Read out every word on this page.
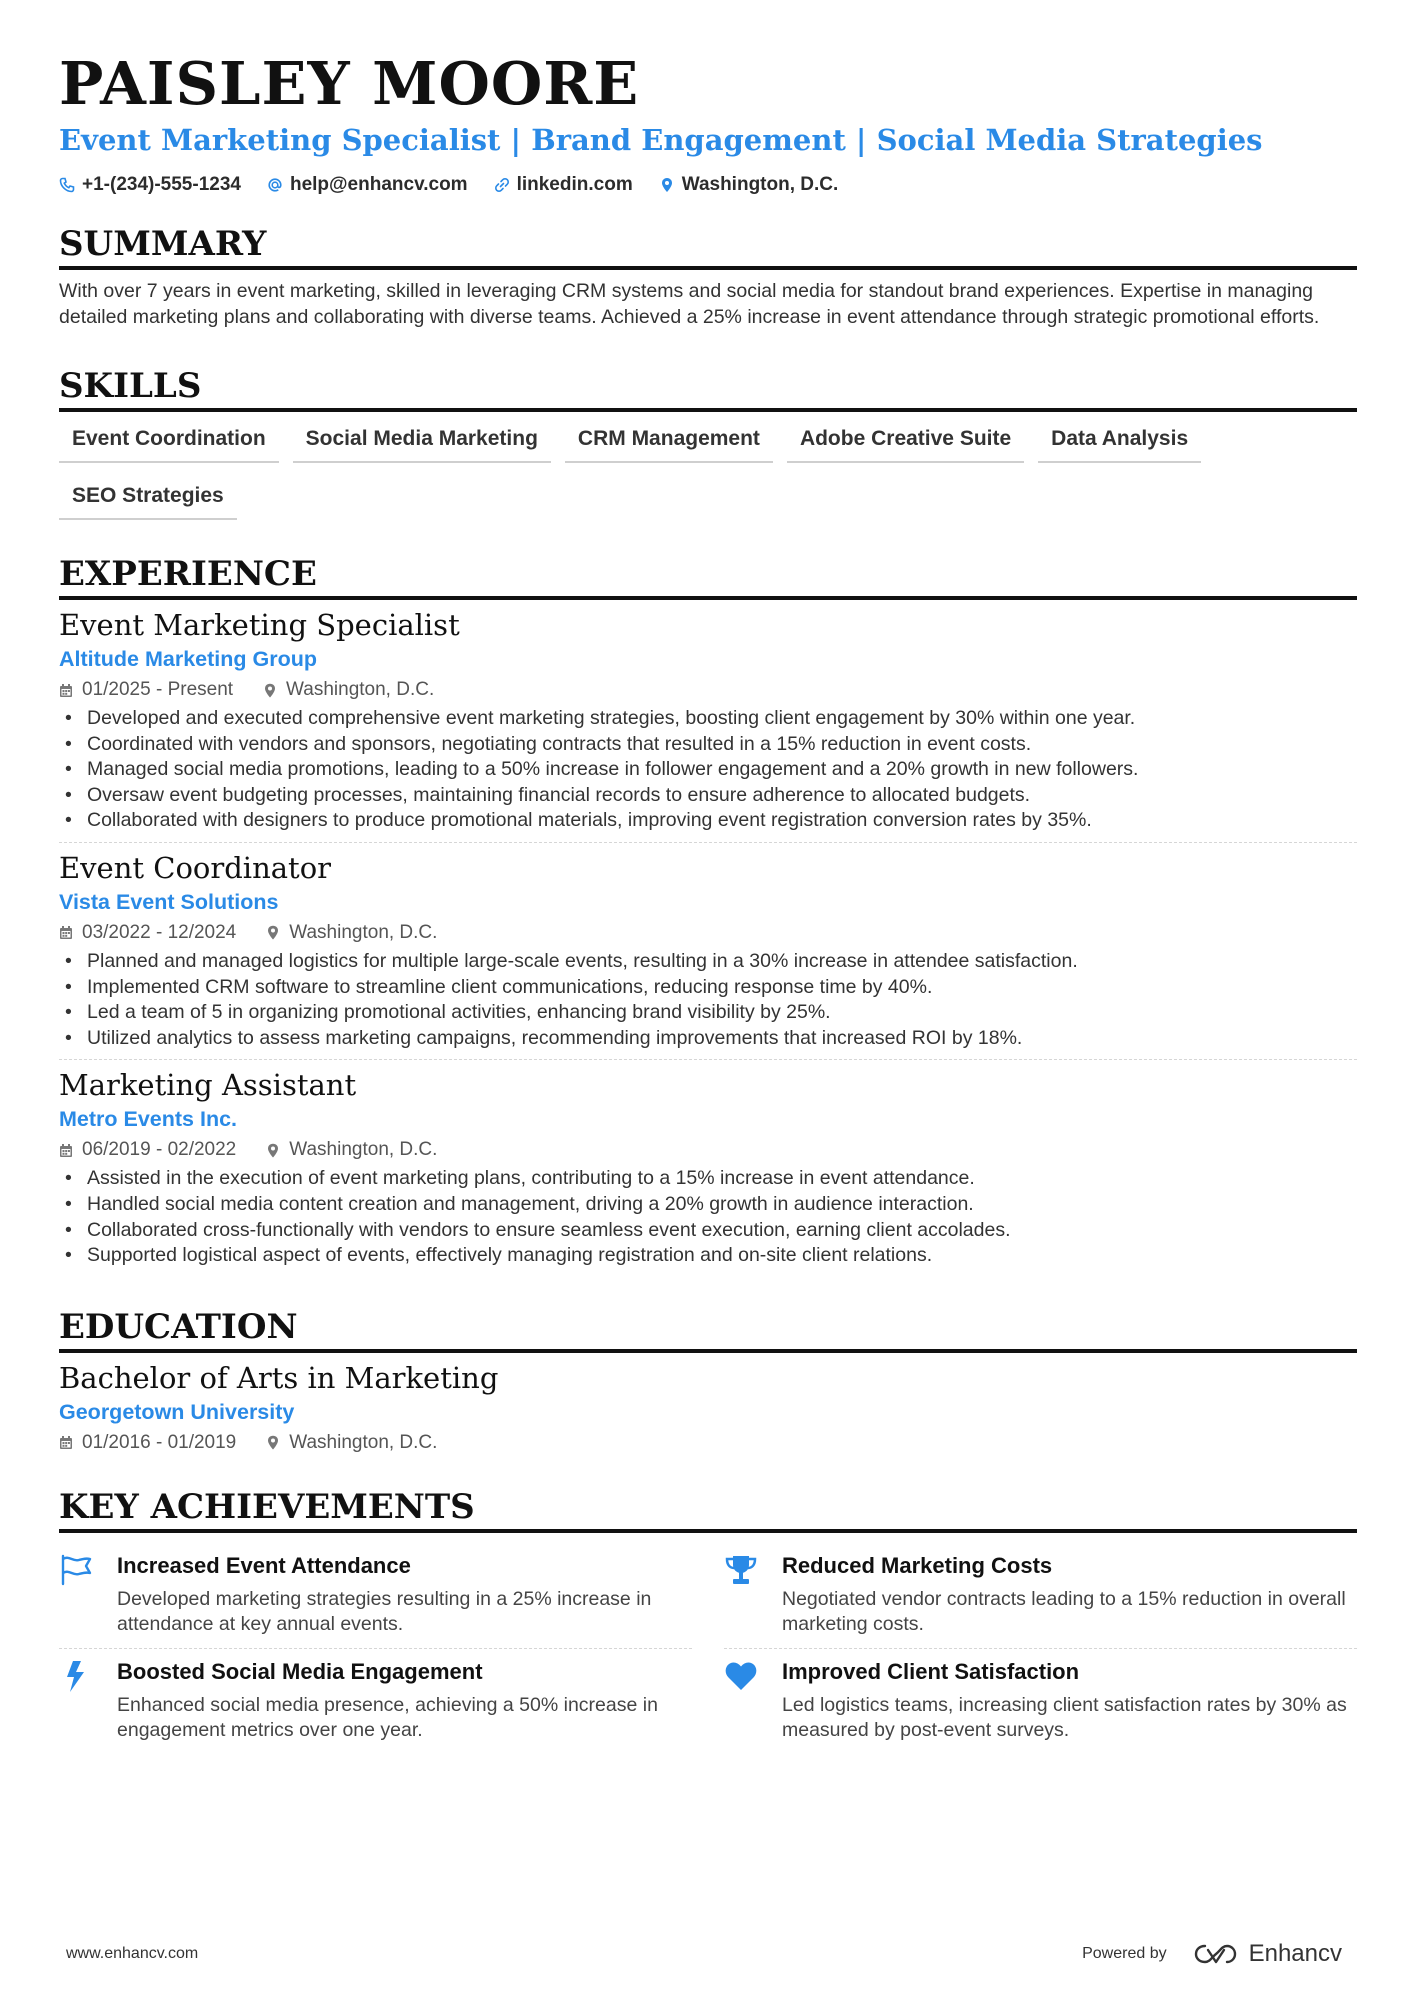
PAISLEY MOORE
Event Marketing Specialist | Brand Engagement | Social Media Strategies
+1-(234)-555-1234	help@enhancv.com	linkedin.com	Washington, D.C.
SUMMARY
With over 7 years in event marketing, skilled in leveraging CRM systems and social media for standout brand experiences. Expertise in managing detailed marketing plans and collaborating with diverse teams. Achieved a 25% increase in event attendance through strategic promotional efforts.
SKILLS
Event Coordination	Social Media Marketing	CRM Management	Adobe Creative Suite	Data Analysis
SEO Strategies
EXPERIENCE
Event Marketing Specialist
Altitude Marketing Group
01/2025 - Present	Washington, D.C.
• Developed and executed comprehensive event marketing strategies, boosting client engagement by 30% within one year.
• Coordinated with vendors and sponsors, negotiating contracts that resulted in a 15% reduction in event costs.
• Managed social media promotions, leading to a 50% increase in follower engagement and a 20% growth in new followers.
• Oversaw event budgeting processes, maintaining financial records to ensure adherence to allocated budgets.
• Collaborated with designers to produce promotional materials, improving event registration conversion rates by 35%.
Event Coordinator
Vista Event Solutions
03/2022 - 12/2024	Washington, D.C.
• Planned and managed logistics for multiple large-scale events, resulting in a 30% increase in attendee satisfaction.
• Implemented CRM software to streamline client communications, reducing response time by 40%.
• Led a team of 5 in organizing promotional activities, enhancing brand visibility by 25%.
• Utilized analytics to assess marketing campaigns, recommending improvements that increased ROI by 18%.
Marketing Assistant
Metro Events Inc.
06/2019 - 02/2022	Washington, D.C.
• Assisted in the execution of event marketing plans, contributing to a 15% increase in event attendance.
• Handled social media content creation and management, driving a 20% growth in audience interaction.
• Collaborated cross-functionally with vendors to ensure seamless event execution, earning client accolades.
• Supported logistical aspect of events, effectively managing registration and on-site client relations.
EDUCATION
Bachelor of Arts in Marketing
Georgetown University
01/2016 - 01/2019	Washington, D.C.
KEY ACHIEVEMENTS
Increased Event Attendance
Developed marketing strategies resulting in a 25% increase in attendance at key annual events.
Reduced Marketing Costs
Negotiated vendor contracts leading to a 15% reduction in overall marketing costs.
Boosted Social Media Engagement
Enhanced social media presence, achieving a 50% increase in engagement metrics over one year.
Improved Client Satisfaction
Led logistics teams, increasing client satisfaction rates by 30% as measured by post-event surveys.
www.enhancv.com	Powered by	Enhancv
